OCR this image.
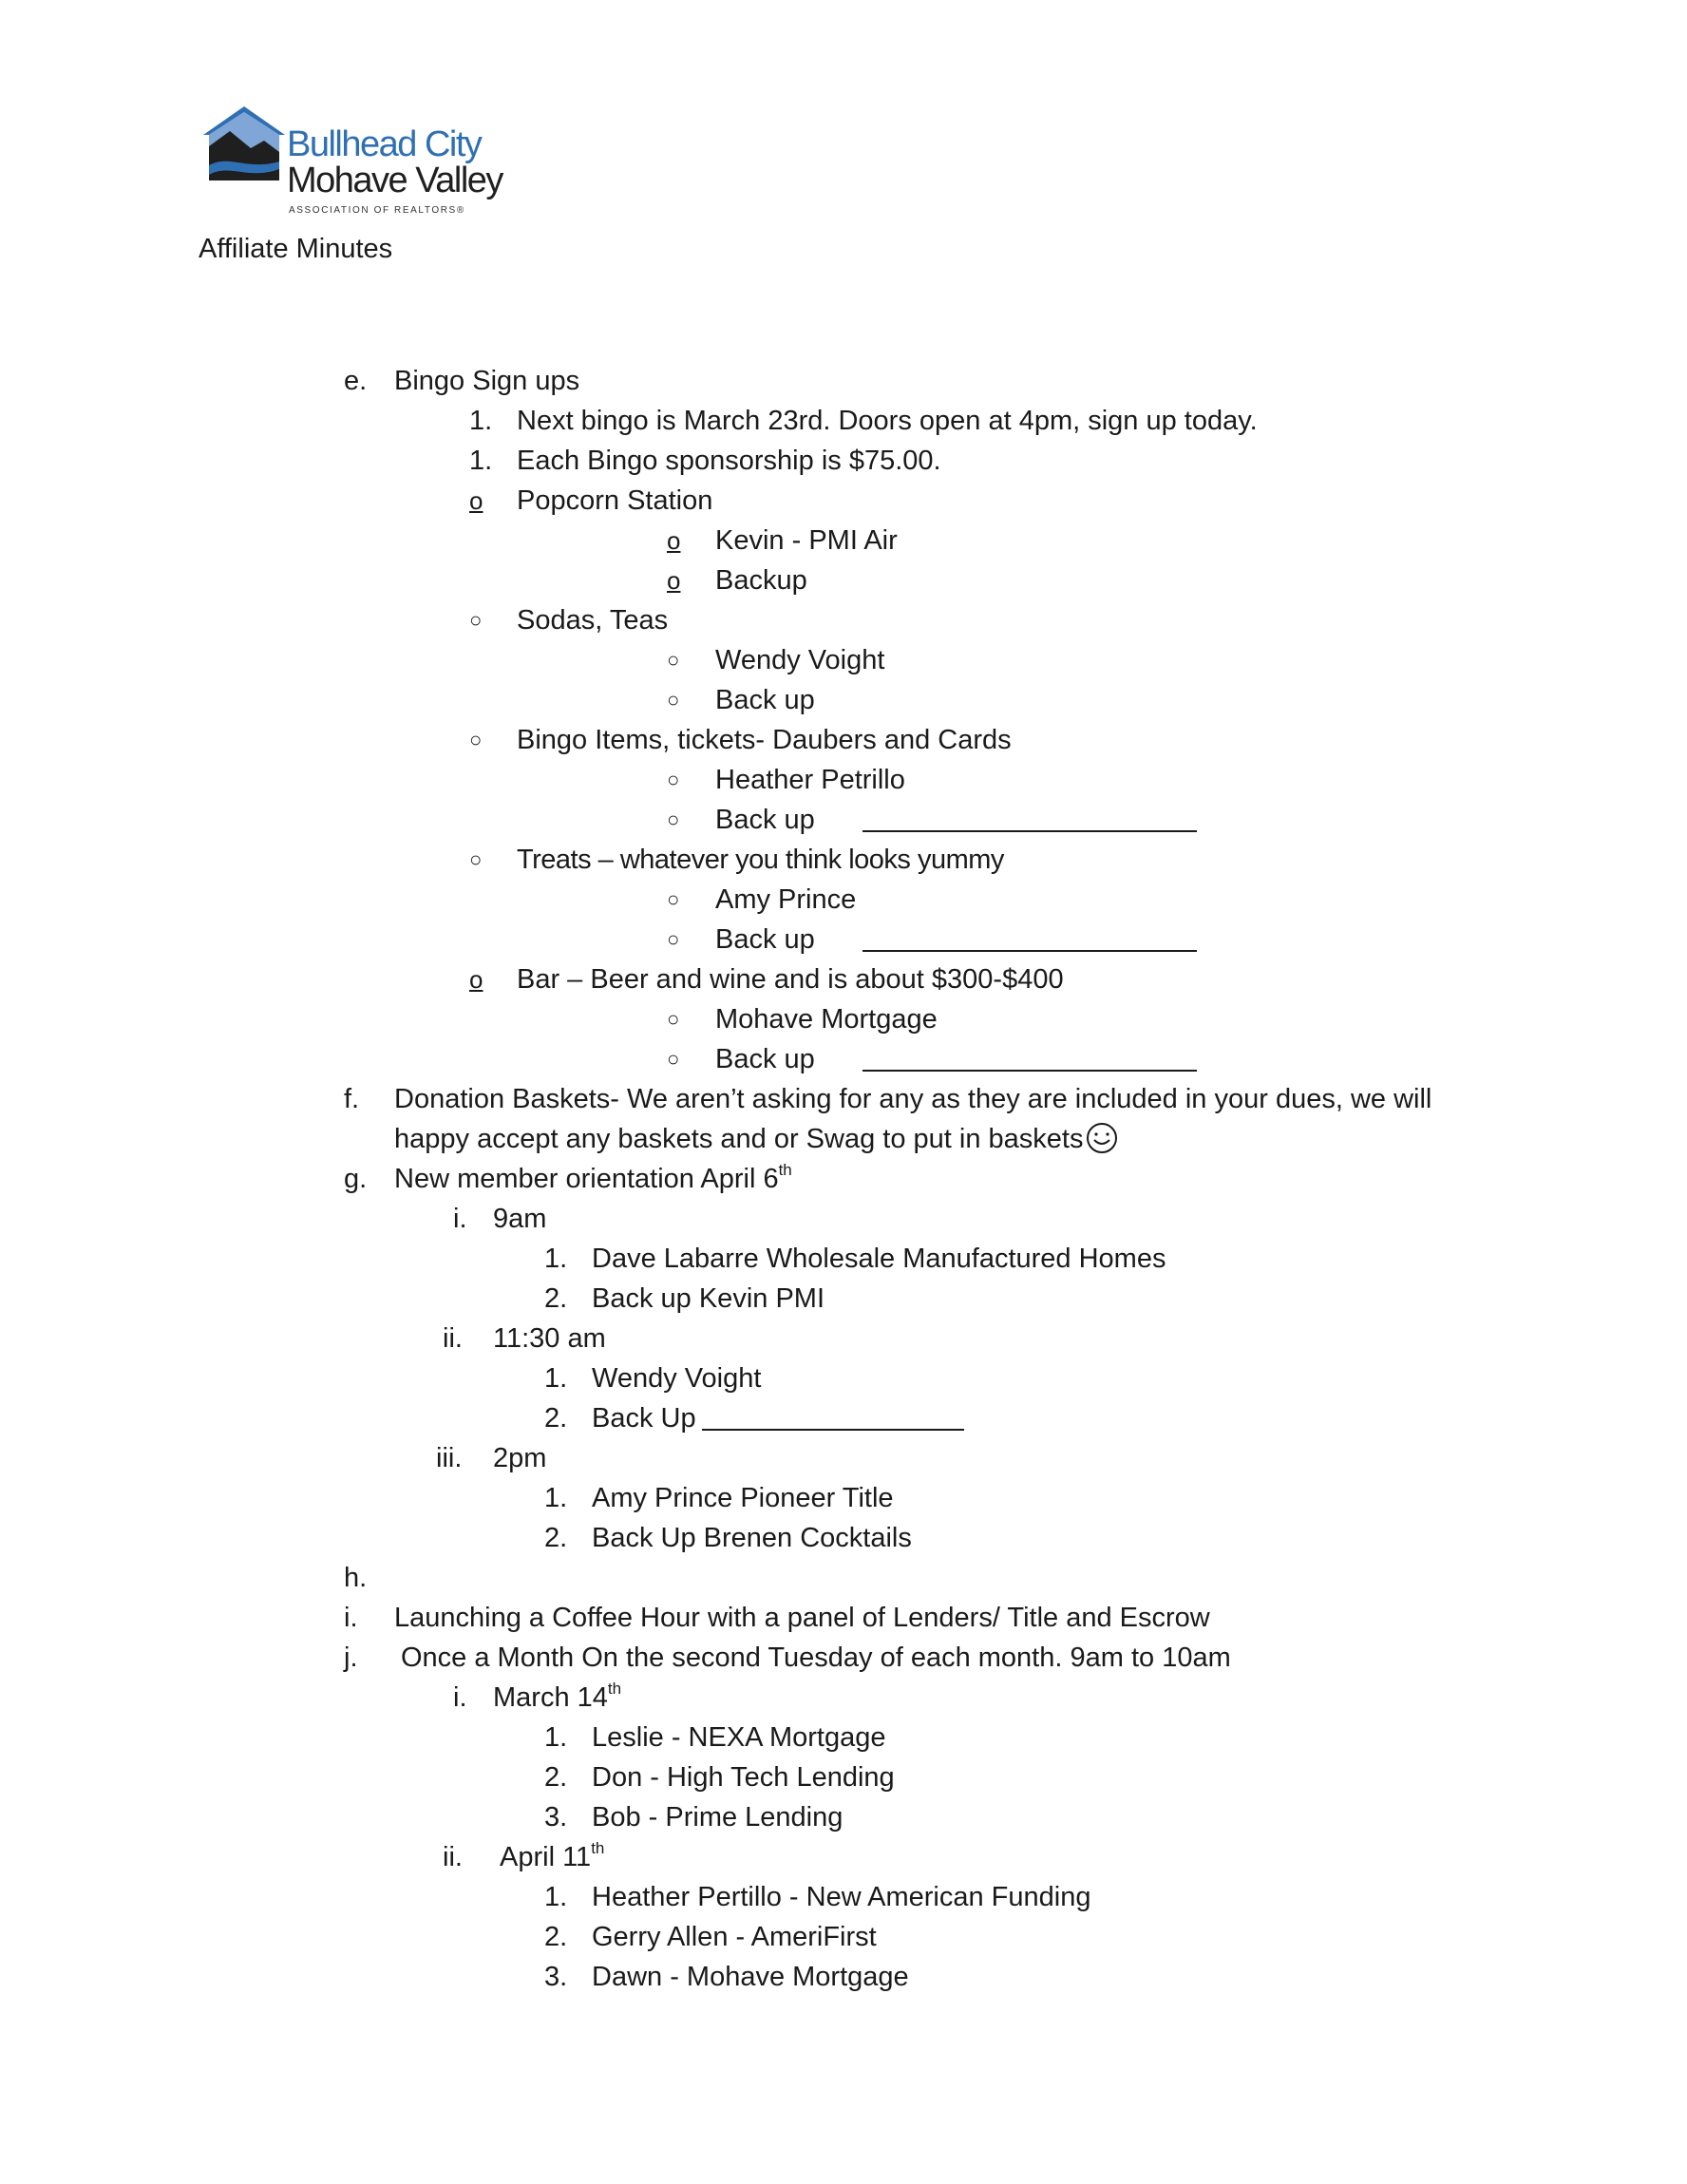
Bullhead City
Mohave Valley
ASSOCIATION OF REALTORS®
Affiliate Minutes
e. Bingo Sign ups
1. Next bingo is March 23rd. Doors open at 4pm, sign up today.
1. Each Bingo sponsorship is $75.00.
o Popcorn Station
o Kevin - PMI Air
o Backup
○ Sodas, Teas
○ Wendy Voight
○ Back up
○ Bingo Items, tickets- Daubers and Cards
○ Heather Petrillo
○ Back up
○ Treats – whatever you think looks yummy
○ Amy Prince
○ Back up
o Bar – Beer and wine and is about $300-$400
○ Mohave Mortgage
○ Back up
f. Donation Baskets- We aren’t asking for any as they are included in your dues, we will
happy accept any baskets and or Swag to put in baskets
g. New member orientation April 6th
i. 9am
1. Dave Labarre Wholesale Manufactured Homes
2. Back up Kevin PMI
ii. 11:30 am
1. Wendy Voight
2. Back Up
iii. 2pm
1. Amy Prince Pioneer Title
2. Back Up Brenen Cocktails
h.
i. Launching a Coffee Hour with a panel of Lenders/ Title and Escrow
j. Once a Month On the second Tuesday of each month. 9am to 10am
i. March 14th
1. Leslie - NEXA Mortgage
2. Don - High Tech Lending
3. Bob - Prime Lending
ii. April 11th
1. Heather Pertillo - New American Funding
2. Gerry Allen - AmeriFirst
3. Dawn - Mohave Mortgage
